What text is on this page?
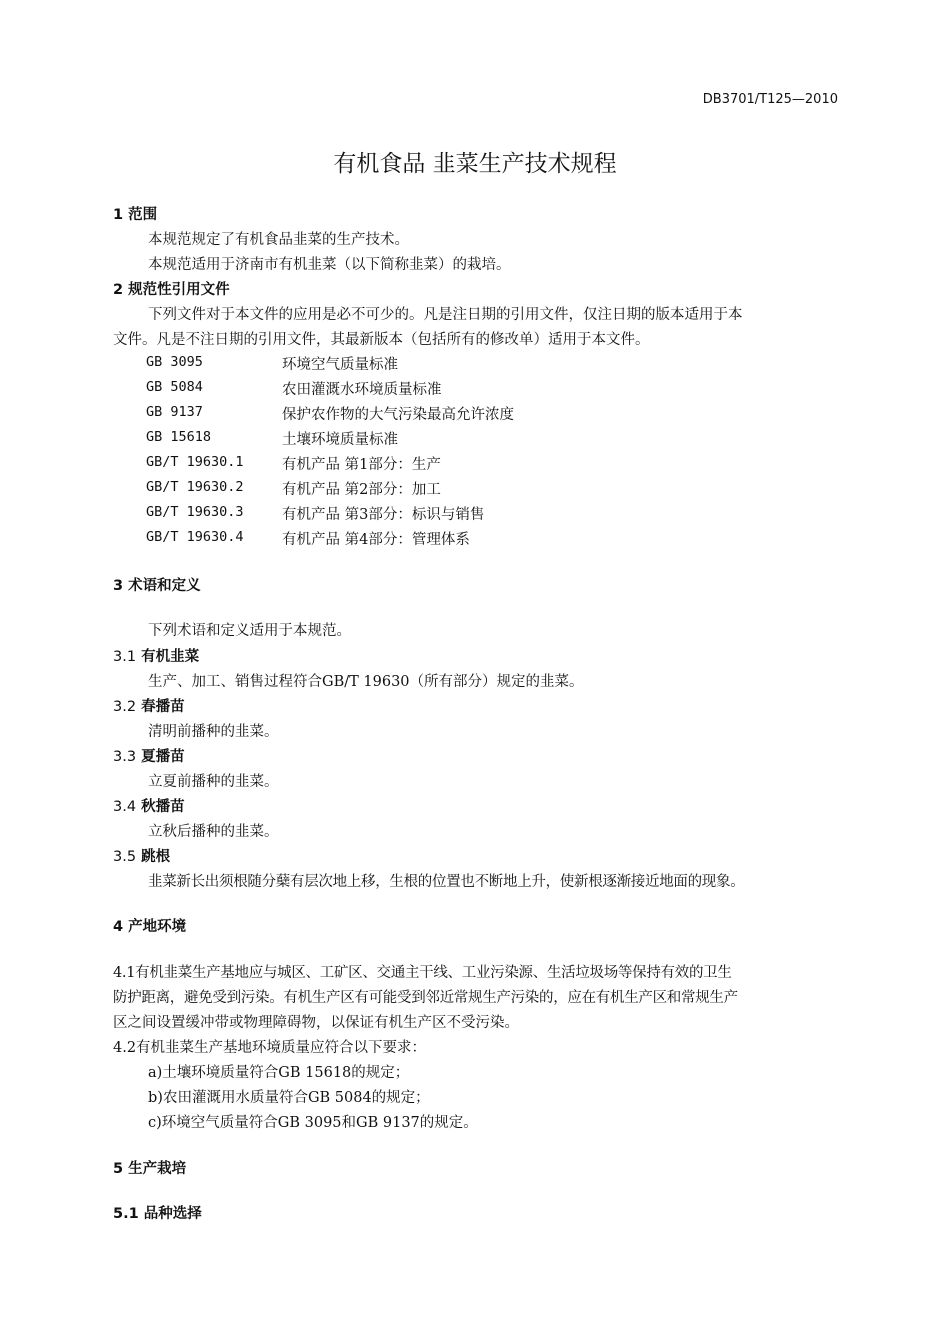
DB3701/T125—2010
有机食品 韭菜生产技术规程
1 范围
本规范规定了有机食品韭菜的生产技术。
本规范适用于济南市有机韭菜（以下简称韭菜）的栽培。
2 规范性引用文件
下列文件对于本文件的应用是必不可少的。凡是注日期的引用文件，仅注日期的版本适用于本
文件。凡是不注日期的引用文件，其最新版本（包括所有的修改单）适用于本文件。
GB 3095	环境空气质量标准
GB 5084	农田灌溉水环境质量标准
GB 9137	保护农作物的大气污染最高允许浓度
GB 15618	土壤环境质量标准
GB/T 19630.1	有机产品 第1部分：生产
GB/T 19630.2	有机产品 第2部分：加工
GB/T 19630.3	有机产品 第3部分：标识与销售
GB/T 19630.4	有机产品 第4部分：管理体系
3 术语和定义
下列术语和定义适用于本规范。
3.1 有机韭菜
生产、加工、销售过程符合GB/T 19630（所有部分）规定的韭菜。
3.2 春播苗
清明前播种的韭菜。
3.3 夏播苗
立夏前播种的韭菜。
3.4 秋播苗
立秋后播种的韭菜。
3.5 跳根
韭菜新长出须根随分蘖有层次地上移，生根的位置也不断地上升，使新根逐渐接近地面的现象。
4 产地环境
4.1有机韭菜生产基地应与城区、工矿区、交通主干线、工业污染源、生活垃圾场等保持有效的卫生
防护距离，避免受到污染。有机生产区有可能受到邻近常规生产污染的，应在有机生产区和常规生产
区之间设置缓冲带或物理障碍物，以保证有机生产区不受污染。
4.2有机韭菜生产基地环境质量应符合以下要求：
a)土壤环境质量符合GB 15618的规定；
b)农田灌溉用水质量符合GB 5084的规定；
c)环境空气质量符合GB 3095和GB 9137的规定。
5 生产栽培
5.1 品种选择
